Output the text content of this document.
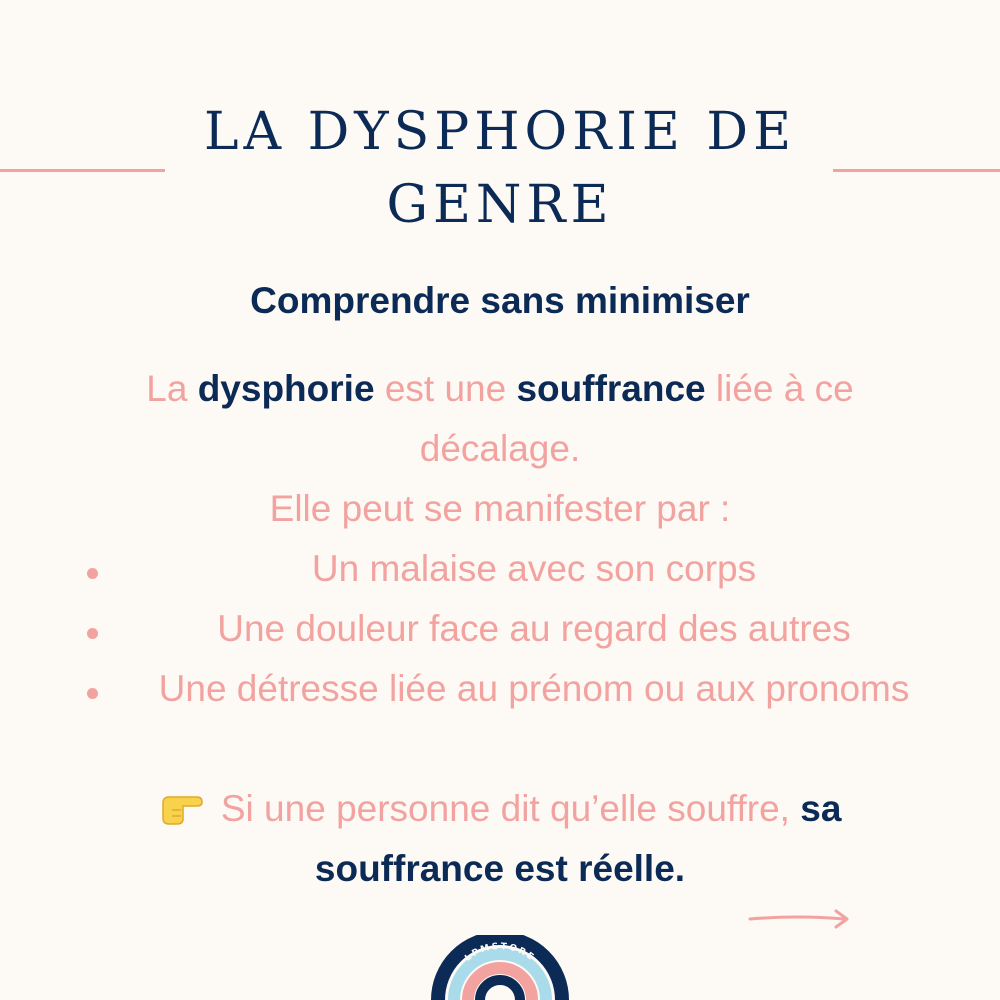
LA DYSPHORIE DE
GENRE
Comprendre sans minimiser
La dysphorie est une souffrance liée à ce
décalage.
Elle peut se manifester par :
Un malaise avec son corps
Une douleur face au regard des autres
Une détresse liée au prénom ou aux pronoms
Si une personne dit qu’elle souffre, sa
souffrance est réelle.
LPMSTORE
